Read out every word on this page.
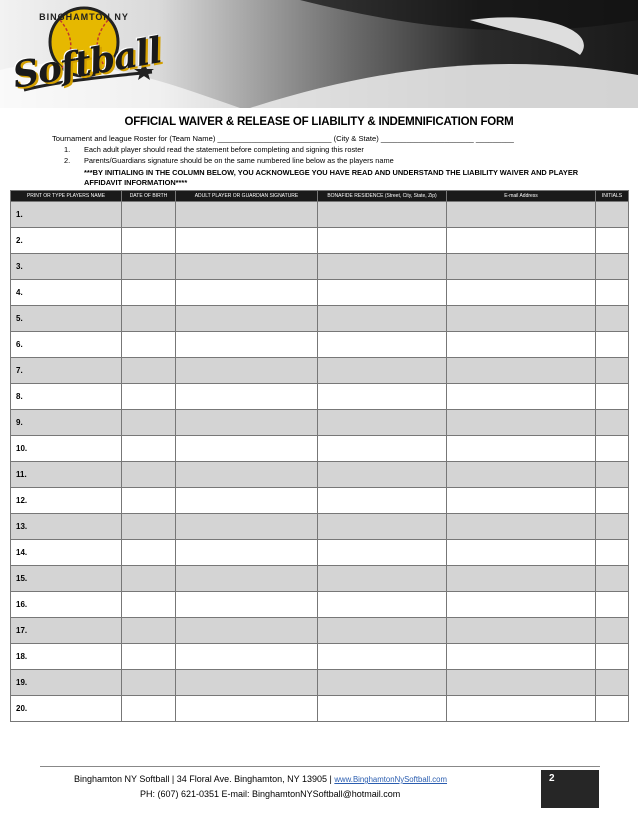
BINGHAMTON NY
Softball
OFFICIAL WAIVER & RELEASE OF LIABILITY & INDEMNIFICATION FORM
Tournament and league Roster for (Team Name) ___________________________ (City & State) ______________________ _________
1. Each adult player should read the statement before completing and signing this roster
2. Parents/Guardians signature should be on the same numbered line below as the players name
***BY INITIALING IN THE COLUMN BELOW, YOU ACKNOWLEGE YOU HAVE READ AND UNDERSTAND THE LIABILITY WAIVER AND PLAYER AFFIDAVIT INFORMATION****
PRINT OR TYPE PLAYERS NAME	DATE OF BIRTH	ADULT PLAYER OR GUARDIAN SIGNATURE	BONAFIDE RESIDENCE (Street, City, State, Zip)	E-mail Address	INITIALS
1.					
2.					
3.					
4.					
5.					
6.					
7.					
8.					
9.					
10.					
11.					
12.					
13.					
14.					
15.					
16.					
17.					
18.					
19.					
20.					
Binghamton NY Softball | 34 Floral Ave. Binghamton, NY 13905 | www.BinghamtonNySoftball.com
PH: (607) 621-0351 E-mail: BinghamtonNYSoftball@hotmail.com
2
